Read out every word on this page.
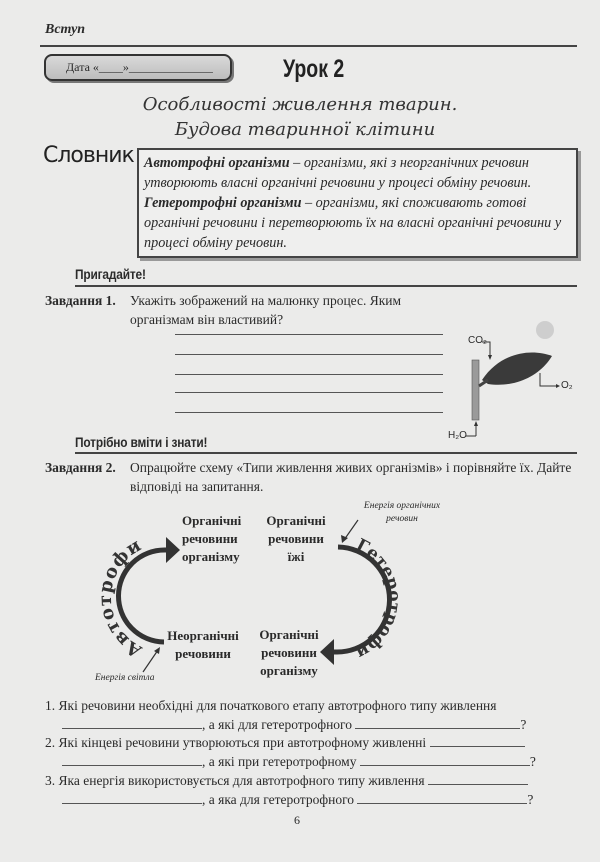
Вступ
Дата «____»______________	Урок 2
Особливості живлення тварин.
Будова тваринної клітини
Словник Автотрофні організми – організми, які з неорганічних речовин утворюють власні органічні речовини у процесі обміну речовин.
Гетеротрофні організми – організми, які споживають готові органічні речовини і перетворюють їх на власні органічні речовини у процесі обміну речовин.
Пригадайте!
Завдання 1. Укажіть зображений на малюнку процес. Яким організмам він властивий?
CO₂
O₂
H₂O
Потрібно вміти і знати!
Завдання 2. Опрацюйте схему «Типи живлення живих організмів» і порівняйте їх. Дайте відповіді на запитання.
Автотрофи	Гетеротрофи
Органічні
речовини
організму
Органічні
речовини
їжі
Неорганічні
речовини
Органічні
речовини
організму
Енергія органічних
речовин
Енергія світла
1. Які речовини необхідні для початкового етапу автотрофного типу живлення
, а які для гетеротрофного	?
2. Які кінцеві речовини утворюються при автотрофному живленні
, а які при гетеротрофному	?
3. Яка енергія використовується для автотрофного типу живлення
, а яка для гетеротрофного	?
6
